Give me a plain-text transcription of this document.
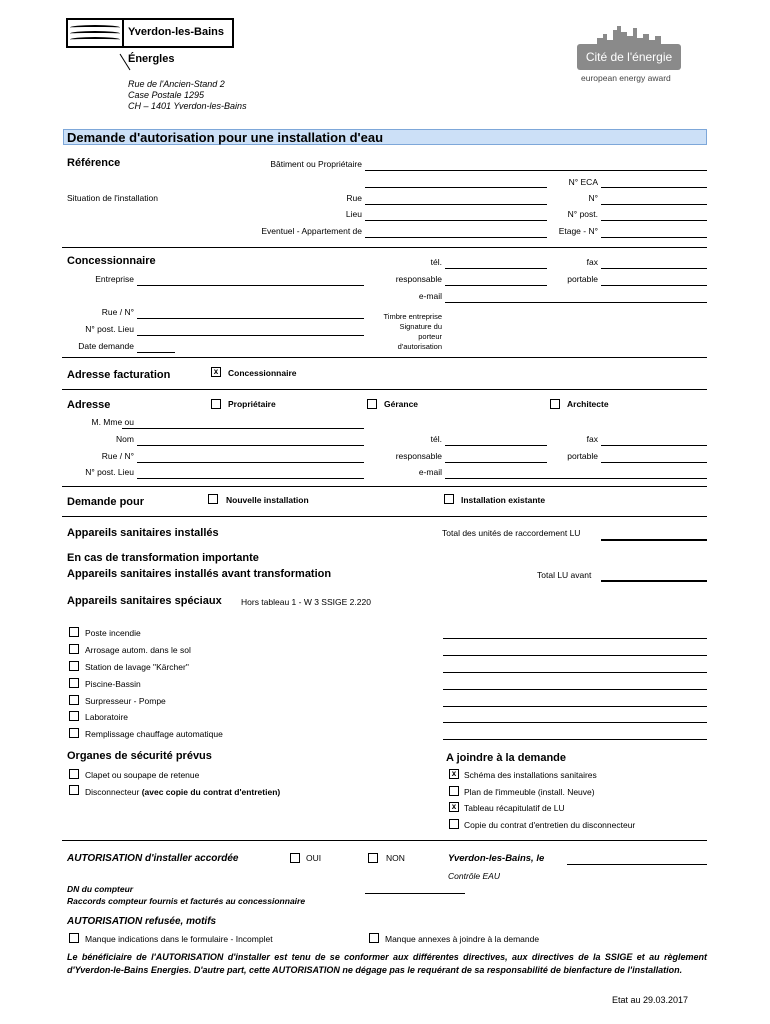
Yverdon-les-Bains
Énergles
Rue de l'Ancien-Stand 2
Case Postale 1295
CH – 1401 Yverdon-les-Bains
Cité de l'énergie
european energy award
Demande d'autorisation pour une installation d'eau
Référence	Bâtiment ou Propriétaire
N° ECA
Situation de l'installation	Rue	N°
Lieu	N° post.
Eventuel - Appartement de	Etage - N°
Concessionnaire	tél.	fax
Entreprise	responsable	portable
e-mail
Rue / N°
N° post. Lieu
Date demande
Timbre entreprise
Signature du
porteur
d'autorisation
Adresse facturation	x	Concessionnaire
Adresse	Propriétaire	Gérance	Architecte
M. Mme ou
Nom	tél.	fax
Rue / N°	responsable	portable
N° post. Lieu	e-mail
Demande pour	Nouvelle installation	Installation existante
Appareils sanitaires installés	Total des unités de raccordement LU
En cas de transformation importante
Appareils sanitaires installés avant transformation	Total LU avant
Appareils sanitaires spéciaux Hors tableau 1 - W 3 SSIGE 2.220
Poste incendie
Arrosage autom. dans le sol
Station de lavage "Kärcher"
Piscine-Bassin
Surpresseur - Pompe
Laboratoire
Remplissage chauffage automatique
Organes de sécurité prévus
Clapet ou soupape de retenue
Disconnecteur (avec copie du contrat d'entretien)
A joindre à la demande
x Schéma des installations sanitaires
Plan de l'immeuble (install. Neuve)
x Tableau récapitulatif de LU
Copie du contrat d'entretien du disconnecteur
AUTORISATION d'installer accordée	OUI	NON	Yverdon-les-Bains, le
Contrôle EAU
DN du compteur
Raccords compteur fournis et facturés au concessionnaire
AUTORISATION refusée, motifs
Manque indications dans le formulaire - Incomplet	Manque annexes à joindre à la demande
Le bénéficiaire de l'AUTORISATION d'installer est tenu de se conformer aux différentes directives, aux directives de la SSIGE et au règlement d'Yverdon-le-Bains Energies. D'autre part, cette AUTORISATION ne dégage pas le requérant de sa responsabilité de bienfacture de l'installation.
Etat au 29.03.2017
